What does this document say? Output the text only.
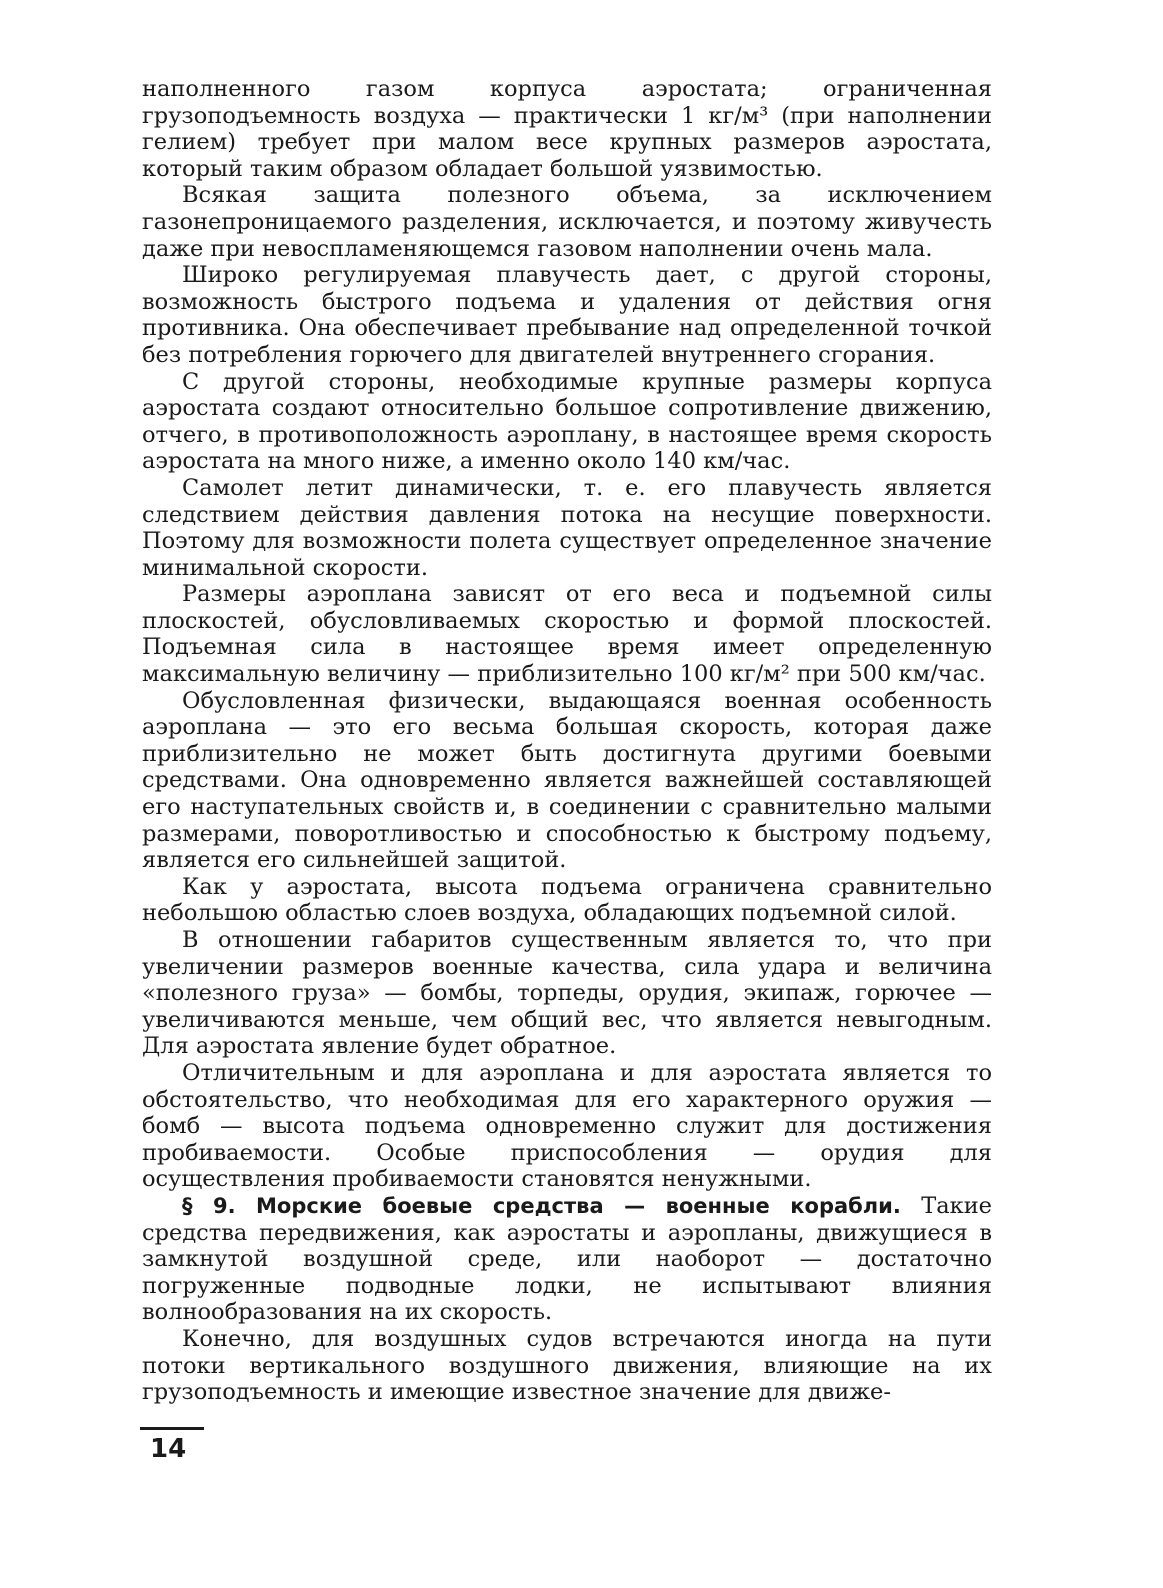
наполненного газом корпуса аэростата; ограниченная грузоподъемность воздуха — практически 1 кг/м³ (при наполнении гелием) требует при малом весе крупных размеров аэростата, который таким образом обладает большой уязвимостью.

Всякая защита полезного объема, за исключением газонепроницаемого разделения, исключается, и поэтому живучесть даже при невоспламеняющемся газовом наполнении очень мала.

Широко регулируемая плавучесть дает, с другой стороны, возможность быстрого подъема и удаления от действия огня противника. Она обеспечивает пребывание над определенной точкой без потребления горючего для двигателей внутреннего сгорания.

С другой стороны, необходимые крупные размеры корпуса аэростата создают относительно большое сопротивление движению, отчего, в противоположность аэроплану, в настоящее время скорость аэростата на много ниже, а именно около 140 км/час.

Самолет летит динамически, т. е. его плавучесть является следствием действия давления потока на несущие поверхности. Поэтому для возможности полета существует определенное значение минимальной скорости.

Размеры аэроплана зависят от его веса и подъемной силы плоскостей, обусловливаемых скоростью и формой плоскостей. Подъемная сила в настоящее время имеет определенную максимальную величину — приблизительно 100 кг/м² при 500 км/час.

Обусловленная физически, выдающаяся военная особенность аэроплана — это его весьма большая скорость, которая даже приблизительно не может быть достигнута другими боевыми средствами. Она одновременно является важнейшей составляющей его наступательных свойств и, в соединении с сравнительно малыми размерами, поворотливостью и способностью к быстрому подъему, является его сильнейшей защитой.

Как у аэростата, высота подъема ограничена сравнительно небольшою областью слоев воздуха, обладающих подъемной силой.

В отношении габаритов существенным является то, что при увеличении размеров военные качества, сила удара и величина «полезного груза» — бомбы, торпеды, орудия, экипаж, горючее — увеличиваются меньше, чем общий вес, что является невыгодным. Для аэростата явление будет обратное.

Отличительным и для аэроплана и для аэростата является то обстоятельство, что необходимая для его характерного оружия — бомб — высота подъема одновременно служит для достижения пробиваемости. Особые приспособления — орудия для осуществления пробиваемости становятся ненужными.

§ 9. Морские боевые средства — военные корабли. Такие средства передвижения, как аэростаты и аэропланы, движущиеся в замкнутой воздушной среде, или наоборот — достаточно погруженные подводные лодки, не испытывают влияния волнообразования на их скорость.

Конечно, для воздушных судов встречаются иногда на пути потоки вертикального воздушного движения, влияющие на их грузоподъемность и имеющие известное значение для движе-

14
